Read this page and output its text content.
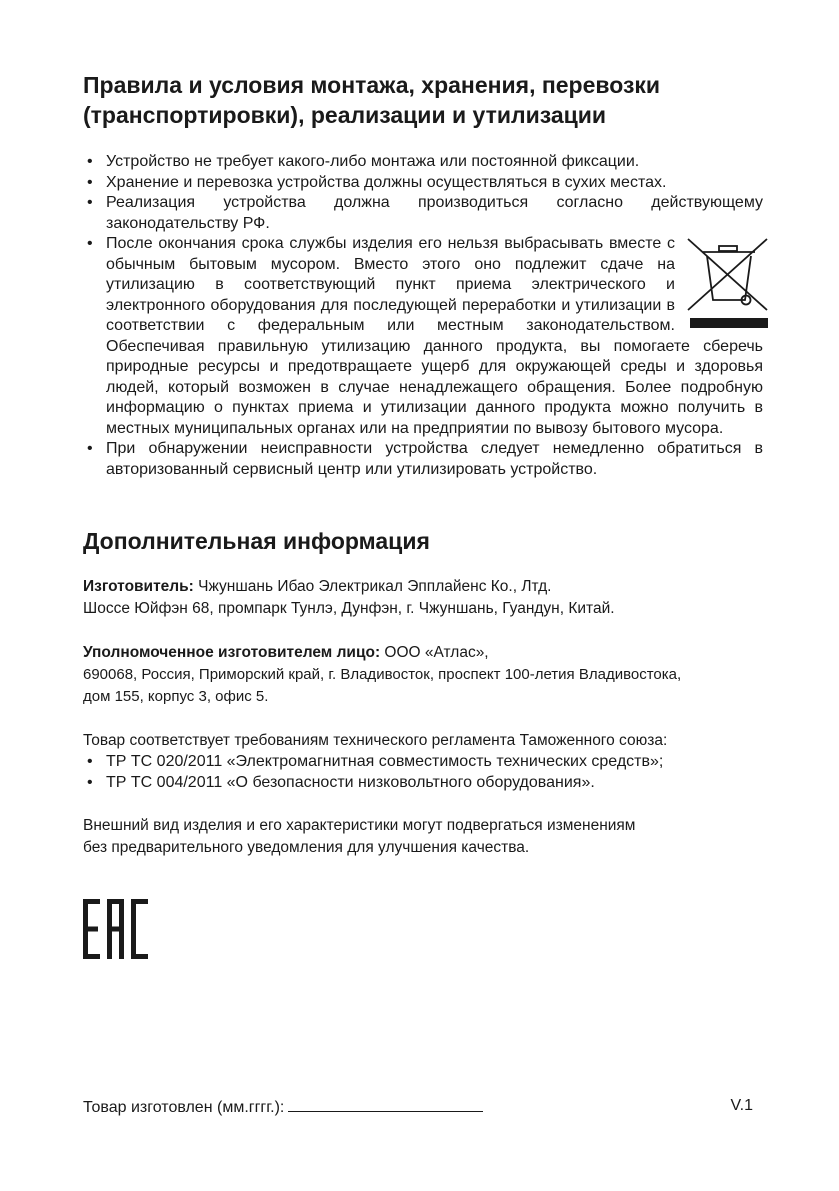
Правила и условия монтажа, хранения, перевозки (транспортировки), реализации и утилизации
• Устройство не требует какого-либо монтажа или постоянной фиксации.
• Хранение и перевозка устройства должны осуществляться в сухих местах.
• Реализация устройства должна производиться согласно действующему законодательству РФ.
• После окончания срока службы изделия его нельзя выбрасывать вместе с обычным бытовым мусором. Вместо этого оно подлежит сдаче на утилизацию в соответствующий пункт приема электрического и электронного оборудования для последующей переработки и утилизации в соответствии с федеральным или местным законодательством. Обеспечивая правильную утилизацию данного продукта, вы помогаете сберечь природные ресурсы и предотвращаете ущерб для окружающей среды и здоровья людей, который возможен в случае ненадлежащего обращения. Более подробную информацию о пунктах приема и утилизации данного продукта можно получить в местных муниципальных органах или на предприятии по вывозу бытового мусора.
• При обнаружении неисправности устройства следует немедленно обратиться в авторизованный сервисный центр или утилизировать устройство.
Дополнительная информация

Изготовитель: Чжуншань Ибао Электрикал Эпплайенс Ко., Лтд.

Шоссе Юйфэн 68, промпарк Тунлэ, Дунфэн, г. Чжуншань, Гуандун, Китай.

Уполномоченное изготовителем лицо: ООО «Атлас»,

690068, Россия, Приморский край, г. Владивосток, проспект 100-летия Владивостока,

дом 155, корпус 3, офис 5.

Товар соответствует требованиям технического регламента Таможенного союза:

• ТР ТС 020/2011 «Электромагнитная совместимость технических средств»;
• ТР ТС 004/2011 «О безопасности низковольтного оборудования».

Внешний вид изделия и его характеристики могут подвергаться изменениям

без предварительного уведомления для улучшения качества.

Товар изготовлен (мм.гггг.):	V.1
